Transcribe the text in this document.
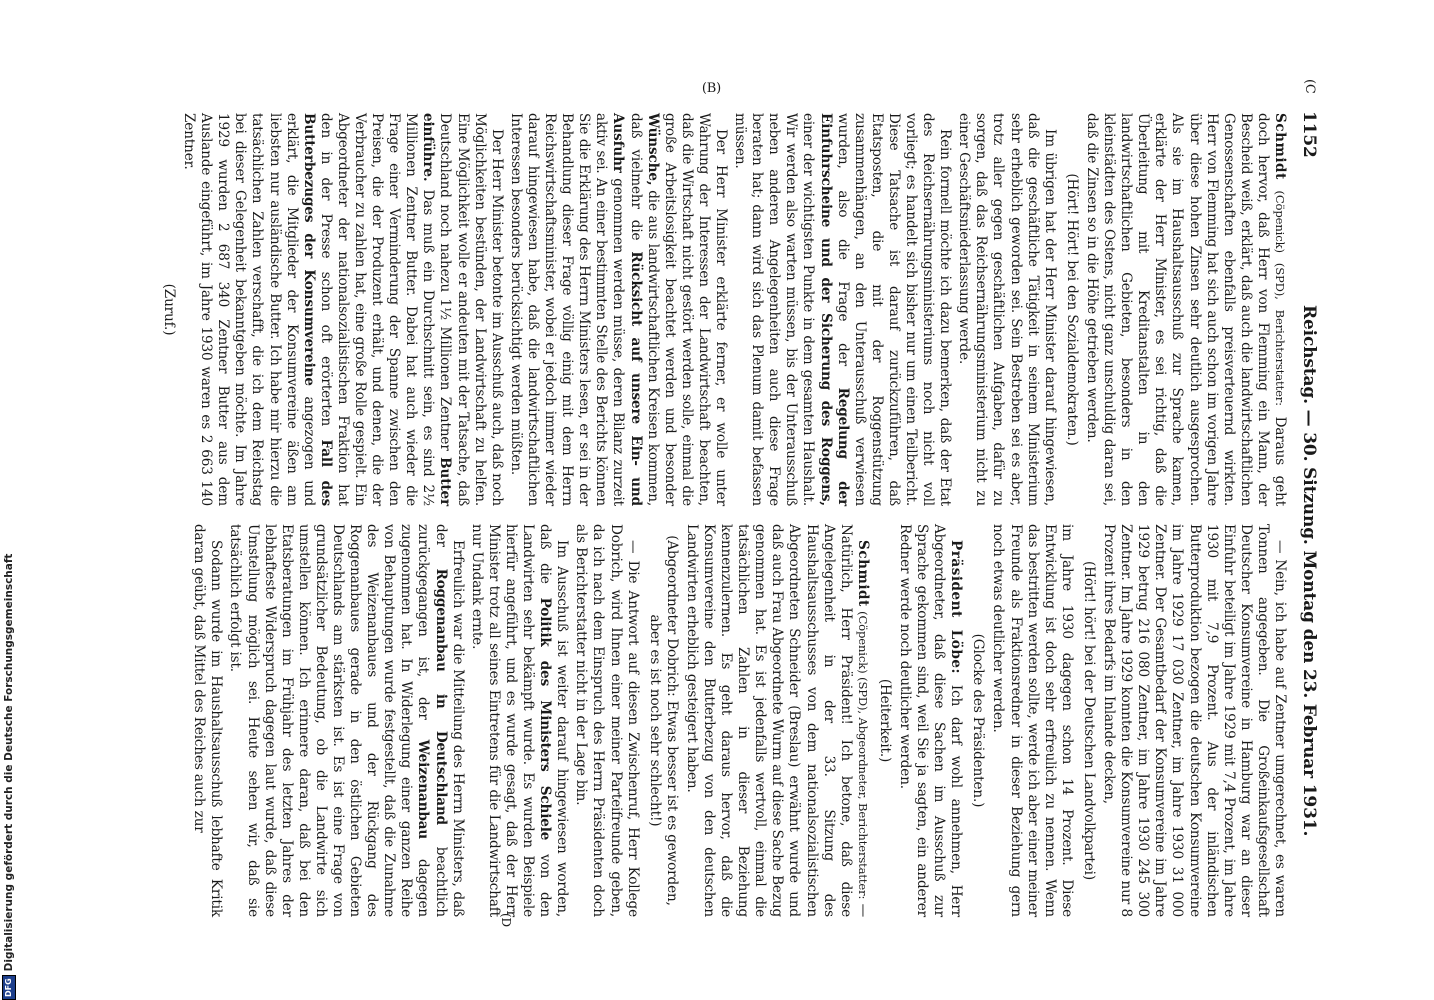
(C
1152
Reichstag. — 30. Sitzung. Montag den 23. Februar 1931.
(B)
(D

Schmidt (Cöpenick) (SPD), Berichterstatter: Daraus geht doch hervor, daß Herr von Flemming ein Mann, der Bescheid weiß, erklärt, daß auch die landwirtschaftlichen Genossenschaften ebenfalls preisverteuernd wirkten. Herr von Flemming hat sich auch schon im vorigen Jahre über diese hohen Zinsen sehr deutlich ausgesprochen. Als sie im Haushaltsausschuß zur Sprache kamen, erklärte der Herr Minister, es sei richtig, daß die Überleitung mit Kreditanstalten in den landwirtschaftlichen Gebieten, besonders in den kleinstädten des Ostens, nicht ganz unschuldig daran sei, daß die Zinsen so in die Höhe getrieben werden.

(Hört! Hört! bei den Sozialdemokraten.)

Im übrigen hat der Herr Minister darauf hingewiesen, daß die geschäftliche Tätigkeit in seinem Ministerium sehr erheblich geworden sei. Sein Bestreben sei es aber, trotz aller gegen geschäftlichen Aufgaben, dafür zu sorgen, daß das Reichsernährungsministerium nicht zu einer Geschäftsniederlassung werde.

Rein formell möchte ich dazu bemerken, daß der Etat des Reichsernährungsministeriums noch nicht voll vorliegt; es handelt sich bisher nur um einen Teilbericht. Diese Tatsache ist darauf zurückzuführen, daß Etatsposten, die mit der Roggenstützung zusammenhängen, an den Unterausschuß verwiesen wurden, also die Frage der Regelung der Einfuhrscheine und der Sicherung des Roggens, einer der wichtigsten Punkte in dem gesamten Haushalt. Wir werden also warten müssen, bis der Unterausschuß neben anderen Angelegenheiten auch diese Frage beraten hat; dann wird sich das Plenum damit befassen müssen.

Der Herr Minister erklärte ferner, er wolle unter Wahrung der Interessen der Landwirtschaft beachten, daß die Wirtschaft nicht gestört werden solle, einmal die große Arbeitslosigkeit beachtet werden und besonder Wünsche, die aus landwirtschaftlichen Kreisen kommen, daß vielmehr die Rücksicht auf unsere Ein- und Ausfuhr genommen werden müsse, deren Bilanz zurzeit aktiv sei. An einer bestimmten Stelle des Berichts können Sie die Erklärung des Herrn Ministers lesen, er sei in der Behandlung dieser Frage völlig einig mit dem Herrn Reichswirtschaftsminister, wobei er jedoch immer wieder darauf hingewiesen habe, daß die landwirtschaftlichen Interessen besonders berücksichtigt werden müßten.

Der Herr Minister betonte im Ausschuß auch, daß noch Möglichkeiten bestünden, der Landwirtschaft zu helfen. Eine Möglichkeit wolle er andeuten mit der Tatsache, daß Deutschland noch nahezu 1½ Millionen Zentner Butter einführe. Das muß ein Durchschnitt sein, es sind 2½ Millionen Zentner Butter. Dabei hat auch wieder die Frage einer Verminderung der Spanne zwischen den Preisen, die der Produzent erhält, und denen, die der Verbraucher zu zahlen hat, eine große Rolle gespielt. Ein Abgeordneter der nationalsozialistischen Fraktion hat den in der Presse schon oft erörterten Fall des Butterbezuges der Konsumvereine angezogen und erklärt, die Mitglieder der Konsumvereine äßen am liebsten nur ausländische Butter. Ich habe mir hierzu die tatsächlichen Zahlen verschafft, die ich dem Reichstag bei dieser Gelegenheit bekanntgeben möchte. Im Jahre 1929 wurden 2 687 340 Zentner Butter aus dem Auslande eingeführt, im Jahre 1930 waren es 2 663 140 Zentner.

(Zuruf.)

— Nein, ich habe auf Zentner umgerechnet, es waren Tonnen angegeben. Die Großeinkaufsgesellschaft Deutscher Konsumvereine in Hamburg war an dieser Einfuhr beteiligt im Jahre 1929 mit 7,4 Prozent, im Jahre 1930 mit 7,9 Prozent. Aus der inländischen Butterproduktion bezogen die deutschen Konsumvereine im Jahre 1929 17 030 Zentner, im Jahre 1930 31 000 Zentner. Der Gesamtbedarf der Konsumvereine im Jahre 1929 betrug 216 080 Zentner, im Jahre 1930 245 300 Zentner. Im Jahre 1929 konnten die Konsumvereine nur 8 Prozent ihres Bedarfs im Inlande decken,

(Hört! hört! bei der Deutschen Landvolkpartei)

im Jahre 1930 dagegen schon 14 Prozent. Diese Entwicklung ist doch sehr erfreulich zu nennen. Wenn das bestritten werden sollte, werde ich aber einer meiner Freunde als Fraktionsredner in dieser Beziehung gern noch etwas deutlicher werden.

(Glocke des Präsidenten.)

Präsident Löbe: Ich darf wohl annehmen, Herr Abgeordneter, daß diese Sachen im Ausschuß zur Sprache gekommen sind, weil Sie ja sagten, ein anderer Redner werde noch deutlicher werden.

(Heiterkeit.)

Schmidt (Cöpenick) (SPD), Abgeordneter, Berichterstatter: — Natürlich, Herr Präsident! Ich betone, daß diese Angelegenheit in der 33. Sitzung des Haushaltsausschusses von dem nationalsozialistischen Abgeordneten Schneider (Breslau) erwähnt wurde und daß auch Frau Abgeordnete Wurm auf diese Sache Bezug genommen hat. Es ist jedenfalls wertvoll, einmal die tatsächlichen Zahlen in dieser Beziehung kennenzulernen. Es geht daraus hervor, daß die Konsumvereine den Butterbezug von den deutschen Landwirten erheblich gesteigert haben.

(Abgeordneter Dobrich: Etwas besser ist es geworden, aber es ist noch sehr schlecht!)

— Die Antwort auf diesen Zwischenruf, Herr Kollege Dobrich, wird Ihnen einer meiner Parteifreunde geben, da ich nach dem Einspruch des Herrn Präsidenten doch als Berichterstatter nicht in der Lage bin.

Im Ausschuß ist weiter darauf hingewiesen worden, daß die Politik des Ministers Schiele von den Landwirten sehr bekämpft wurde. Es wurden Beispiele hierfür angeführt, und es wurde gesagt, daß der Herr Minister trotz all seines Eintretens für die Landwirtschaft nur Undank ernte.

Erfreulich war die Mitteilung des Herrn Ministers, daß der Roggenanbau in Deutschland beachtlich zurückgegangen ist, der Weizenanbau dagegen zugenommen hat. In Widerlegung einer ganzen Reihe von Behauptungen wurde festgestellt, daß die Zunahme des Weizenanbaues und der Rückgang des Roggenanbaues gerade in den östlichen Gebieten Deutschlands am stärksten ist. Es ist eine Frage von grundsätzlicher Bedeutung, ob die Landwirte sich umstellen können. Ich erinnere daran, daß bei den Etatsberatungen im Frühjahr des letzten Jahres der lebhafteste Widerspruch dagegen laut wurde, daß diese Umstellung möglich sei. Heute sehen wir, daß sie tatsächlich erfolgt ist.

Sodann wurde im Haushaltsausschuß lebhafte Kritik daran geübt, daß Mittel des Reiches auch zur

DFG
Digitalisierung gefördert durch die Deutsche Forschungsgemeinschaft
